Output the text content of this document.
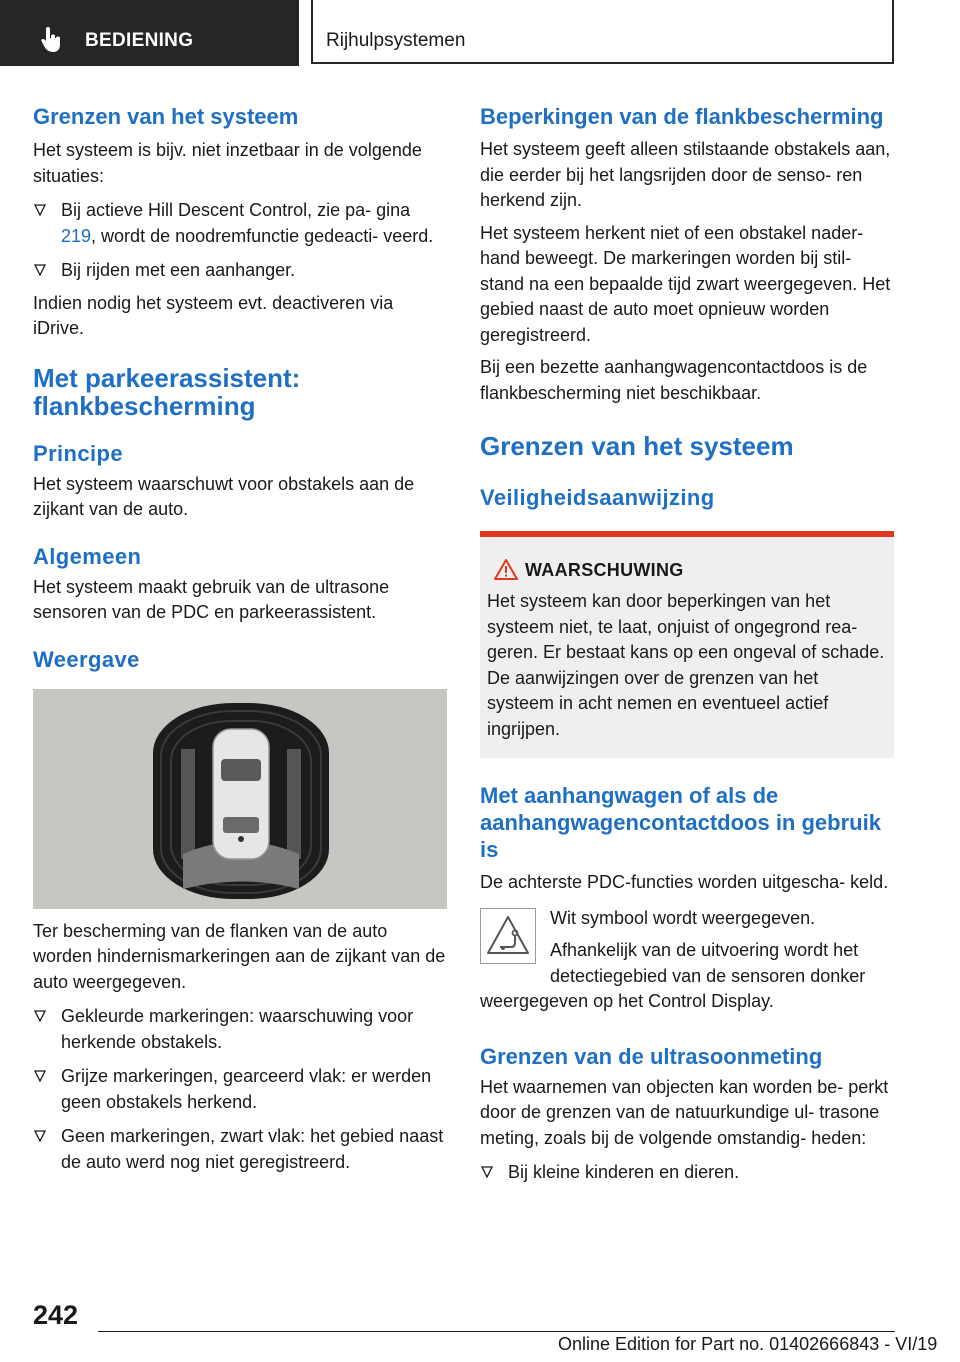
BEDIENING	Rijhulpsystemen
Grenzen van het systeem

Het systeem is bijv. niet inzetbaar in de volgende situaties:

Bij actieve Hill Descent Control, zie pa‐ gina 219, wordt de noodremfunctie gedeacti‐ veerd.
Bij rijden met een aanhanger.

Indien nodig het systeem evt. deactiveren via iDrive.

Met parkeerassistent: flankbescherming
Principe

Het systeem waarschuwt voor obstakels aan de zijkant van de auto.

Algemeen

Het systeem maakt gebruik van de ultrasone sensoren van de PDC en parkeerassistent.

Weergave

Ter bescherming van de flanken van de auto worden hindernismarkeringen aan de zijkant van de auto weergegeven.

Gekleurde markeringen: waarschuwing voor herkende obstakels.
Grijze markeringen, gearceerd vlak: er werden geen obstakels herkend.
Geen markeringen, zwart vlak: het gebied naast de auto werd nog niet geregistreerd.
Beperkingen van de flankbescherming

Het systeem geeft alleen stilstaande obstakels aan, die eerder bij het langsrijden door de senso‐ ren herkend zijn.

Het systeem herkent niet of een obstakel nader‐ hand beweegt. De markeringen worden bij stil‐ stand na een bepaalde tijd zwart weergegeven. Het gebied naast de auto moet opnieuw worden geregistreerd.

Bij een bezette aanhangwagencontactdoos is de flankbescherming niet beschikbaar.

Grenzen van het systeem
Veiligheidsaanwijzing
WAARSCHUWING

Het systeem kan door beperkingen van het systeem niet, te laat, onjuist of ongegrond rea‐ geren. Er bestaat kans op een ongeval of schade. De aanwijzingen over de grenzen van het systeem in acht nemen en eventueel actief ingrijpen.

Met aanhangwagen of als de aanhangwagencontactdoos in gebruik is

De achterste PDC-functies worden uitgescha‐ keld.

Wit symbool wordt weergegeven.

Afhankelijk van de uitvoering wordt het detectiegebied van de sensoren donker weergegeven op het Control Display.

Grenzen van de ultrasoonmeting

Het waarnemen van objecten kan worden be‐ perkt door de grenzen van de natuurkundige ul‐ trasone meting, zoals bij de volgende omstandig‐ heden:

Bij kleine kinderen en dieren.
242
Online Edition for Part no. 01402666843 - VI/19
